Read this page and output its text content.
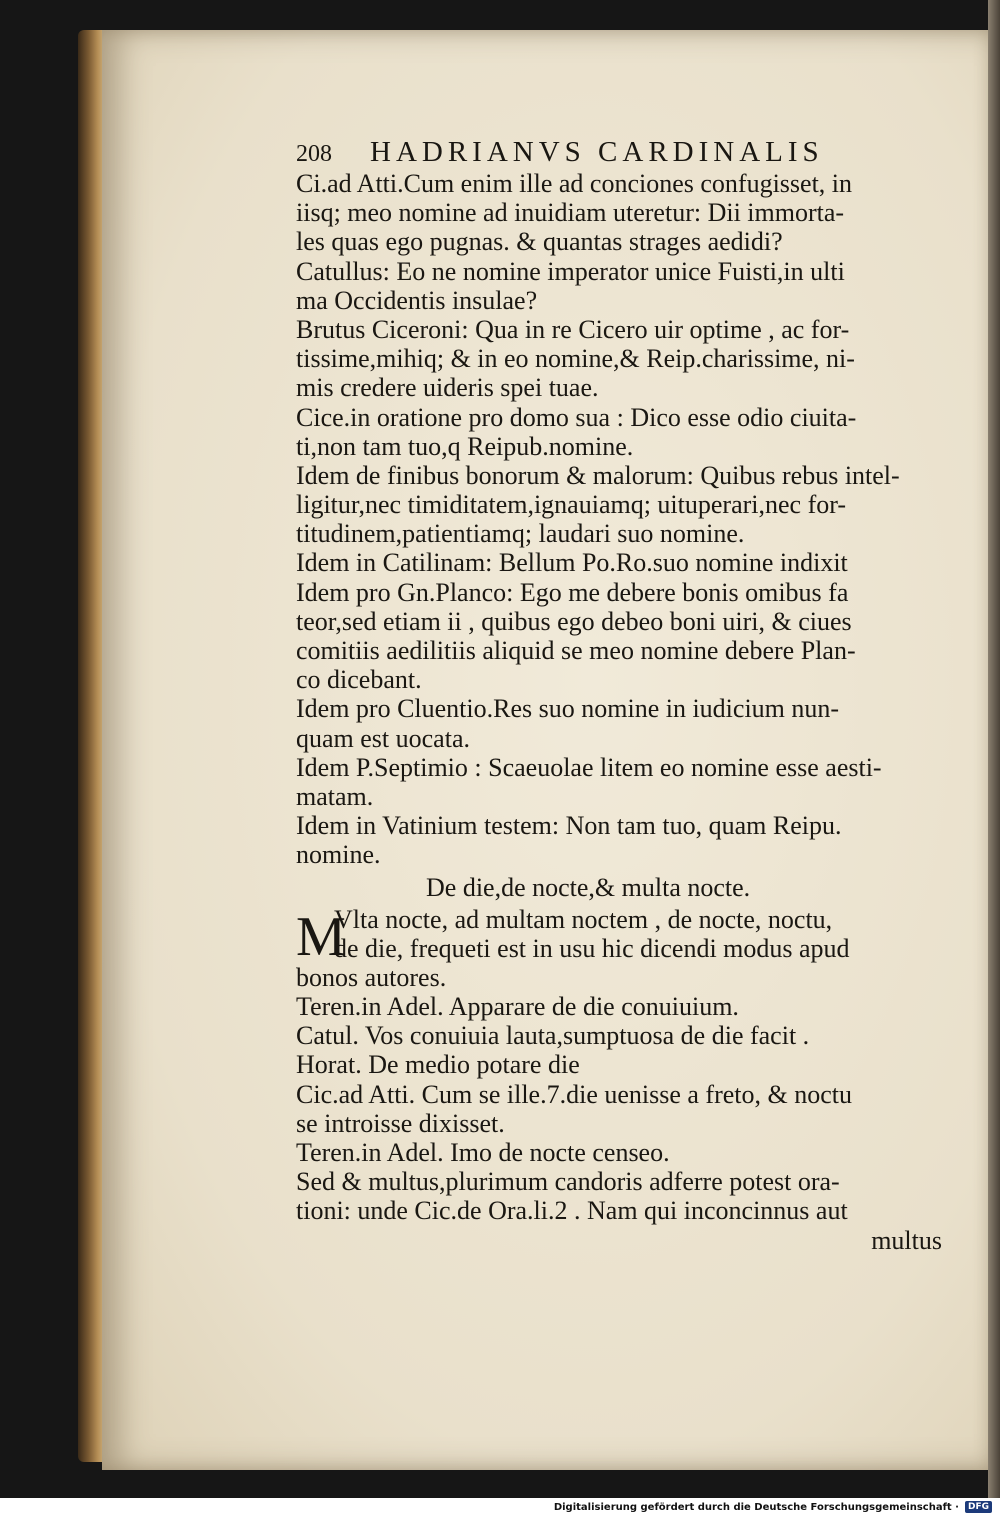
208 HADRIANVS CARDINALIS
Ci.ad Atti.Cum enim ille ad conciones confugisset, in
iisq; meo nomine ad inuidiam uteretur: Dii immorta-
les quas ego pugnas. & quantas strages aedidi?
Catullus: Eo ne nomine imperator unice Fuisti,in ulti
ma Occidentis insulae?
Brutus Ciceroni: Qua in re Cicero uir optime , ac for-
tissime,mihiq; & in eo nomine,& Reip.charissime, ni-
mis credere uideris spei tuae.
Cice.in oratione pro domo sua : Dico esse odio ciuita-
ti,non tam tuo,q Reipub.nomine.
Idem de finibus bonorum & malorum: Quibus rebus intel-
ligitur,nec timiditatem,ignauiamq; uituperari,nec for-
titudinem,patientiamq; laudari suo nomine.
Idem in Catilinam: Bellum Po.Ro.suo nomine indixit
Idem pro Gn.Planco: Ego me debere bonis omibus fa
teor,sed etiam ii , quibus ego debeo boni uiri, & ciues
comitiis aedilitiis aliquid se meo nomine debere Plan-
co dicebant.
Idem pro Cluentio.Res suo nomine in iudicium nun-
quam est uocata.
Idem P.Septimio : Scaeuolae litem eo nomine esse aesti-
matam.
Idem in Vatinium testem: Non tam tuo, quam Reipu.
nomine.
De die,de nocte,& multa nocte.
M
Vlta nocte, ad multam noctem , de nocte, noctu,
de die, frequeti est in usu hic dicendi modus apud
bonos autores.
Teren.in Adel. Apparare de die conuiuium.
Catul. Vos conuiuia lauta,sumptuosa de die facit .
Horat. De medio potare die
Cic.ad Atti. Cum se ille.7.die uenisse a freto, & noctu
se introisse dixisset.
Teren.in Adel. Imo de nocte censeo.
Sed & multus,plurimum candoris adferre potest ora-
tioni: unde Cic.de Ora.li.2 . Nam qui inconcinnus aut
multus
Digitalisierung gefördert durch die Deutsche Forschungsgemeinschaft ·	DFG
